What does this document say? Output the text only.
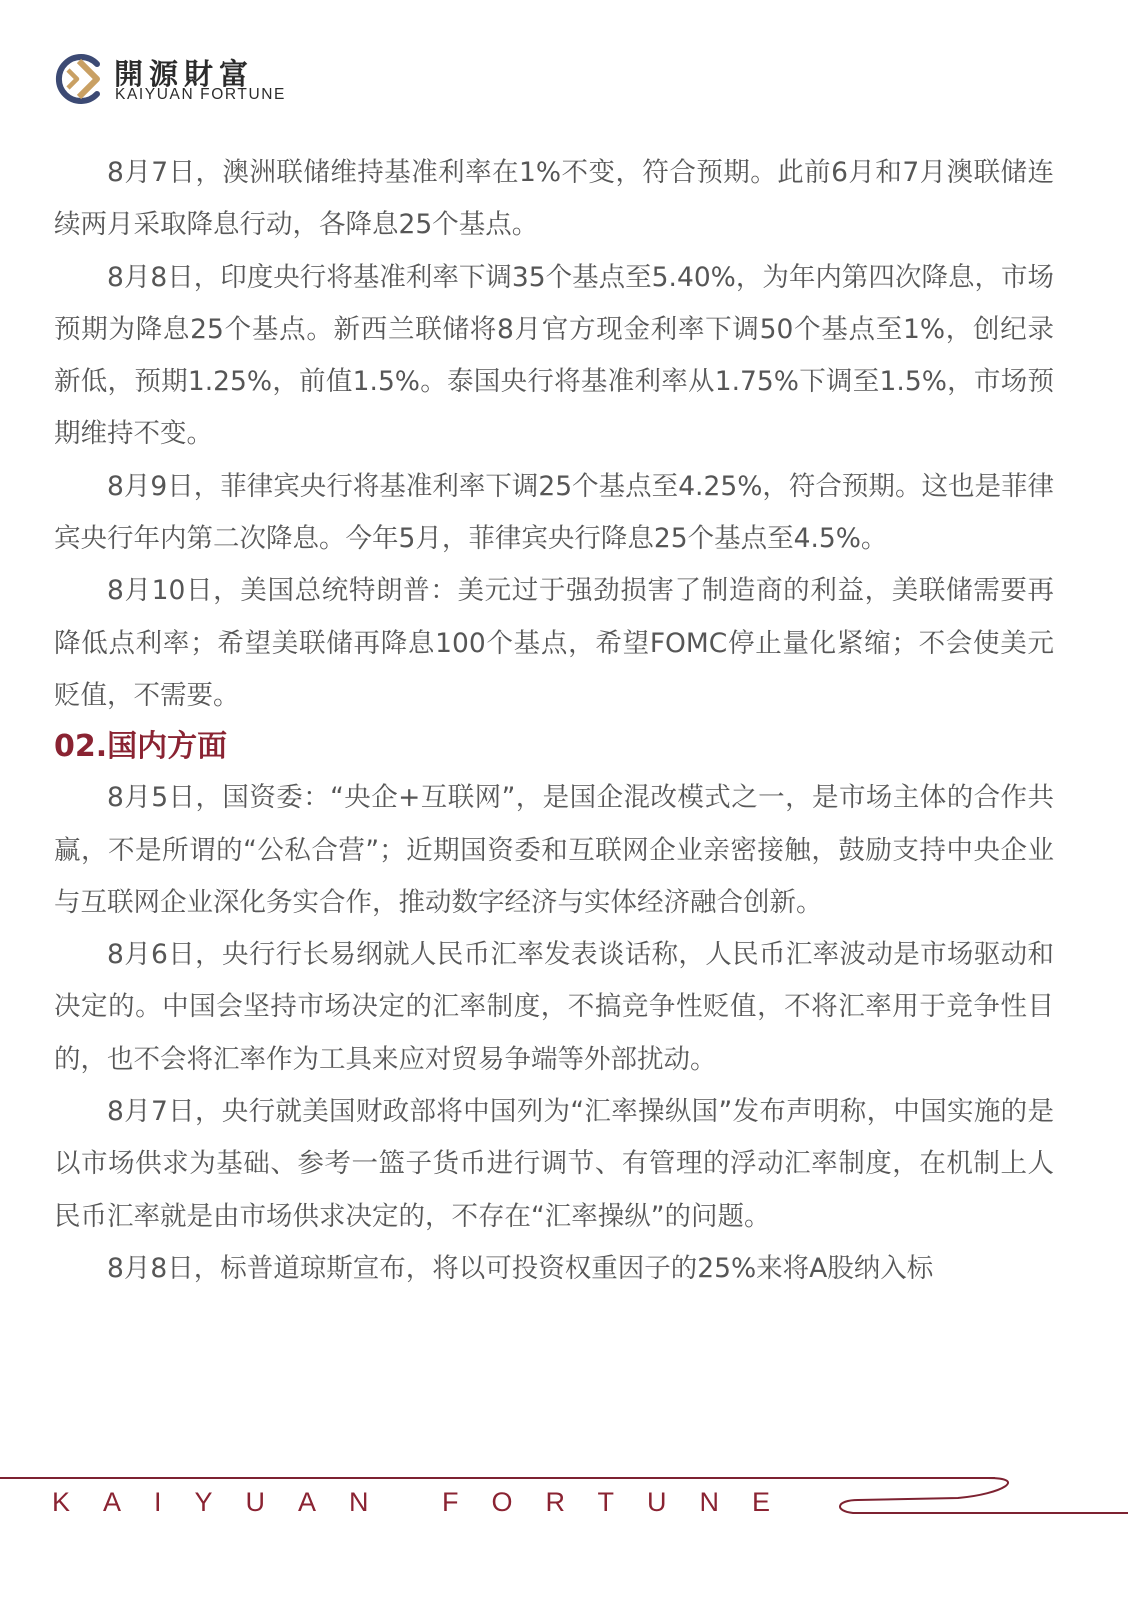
開源財富
KAIYUAN FORTUNE

8月7日，澳洲联储维持基准利率在1%不变，符合预期。此前6月和7月澳联储连续两月采取降息行动，各降息25个基点。

8月8日，印度央行将基准利率下调35个基点至5.40%，为年内第四次降息，市场预期为降息25个基点。新西兰联储将8月官方现金利率下调50个基点至1%，创纪录新低，预期1.25%，前值1.5%。泰国央行将基准利率从1.75%下调至1.5%，市场预期维持不变。

8月9日，菲律宾央行将基准利率下调25个基点至4.25%，符合预期。这也是菲律宾央行年内第二次降息。今年5月，菲律宾央行降息25个基点至4.5%。

8月10日，美国总统特朗普：美元过于强劲损害了制造商的利益，美联储需要再降低点利率；希望美联储再降息100个基点，希望FOMC停止量化紧缩；不会使美元贬值，不需要。

02.国内方面

8月5日，国资委：“央企+互联网”，是国企混改模式之一，是市场主体的合作共赢，不是所谓的“公私合营”；近期国资委和互联网企业亲密接触，鼓励支持中央企业与互联网企业深化务实合作，推动数字经济与实体经济融合创新。

8月6日，央行行长易纲就人民币汇率发表谈话称，人民币汇率波动是市场驱动和决定的。中国会坚持市场决定的汇率制度，不搞竞争性贬值，不将汇率用于竞争性目的，也不会将汇率作为工具来应对贸易争端等外部扰动。

8月7日，央行就美国财政部将中国列为“汇率操纵国”发布声明称，中国实施的是以市场供求为基础、参考一篮子货币进行调节、有管理的浮动汇率制度，在机制上人民币汇率就是由市场供求决定的，不存在“汇率操纵”的问题。

8月8日，标普道琼斯宣布，将以可投资权重因子的25%来将A股纳入标

KAIYUAN FORTUNE
